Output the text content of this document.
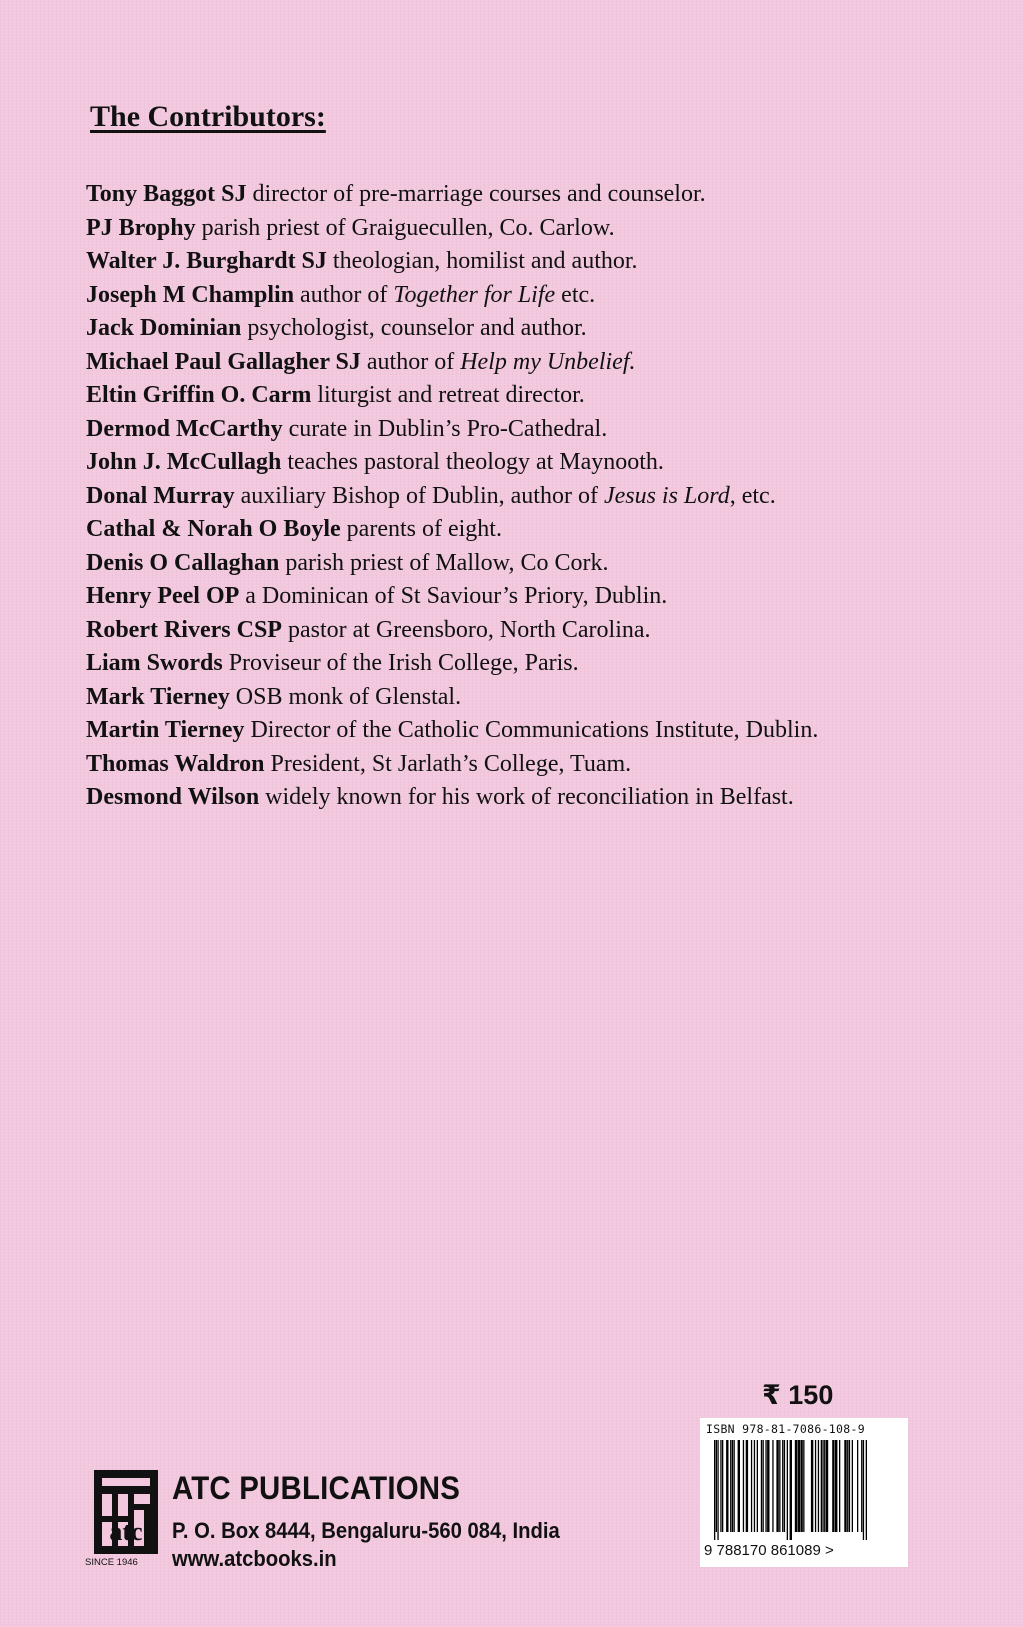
The Contributors:
Tony Baggot SJ director of pre-marriage courses and counselor.
PJ Brophy parish priest of Graiguecullen, Co. Carlow.
Walter J. Burghardt SJ theologian, homilist and author.
Joseph M Champlin author of Together for Life etc.
Jack Dominian psychologist, counselor and author.
Michael Paul Gallagher SJ author of Help my Unbelief.
Eltin Griffin O. Carm liturgist and retreat director.
Dermod McCarthy curate in Dublin’s Pro-Cathedral.
John J. McCullagh teaches pastoral theology at Maynooth.
Donal Murray auxiliary Bishop of Dublin, author of Jesus is Lord, etc.
Cathal & Norah O Boyle parents of eight.
Denis O Callaghan parish priest of Mallow, Co Cork.
Henry Peel OP a Dominican of St Saviour’s Priory, Dublin.
Robert Rivers CSP pastor at Greensboro, North Carolina.
Liam Swords Proviseur of the Irish College, Paris.
Mark Tierney OSB monk of Glenstal.
Martin Tierney Director of the Catholic Communications Institute, Dublin.
Thomas Waldron President, St Jarlath’s College, Tuam.
Desmond Wilson widely known for his work of reconciliation in Belfast.
₹ 150
ISBN 978-81-7086-108-9
9 788170 861089 >
atc
SINCE 1946
ATC PUBLICATIONS
P. O. Box 8444, Bengaluru-560 084, India
www.atcbooks.in
